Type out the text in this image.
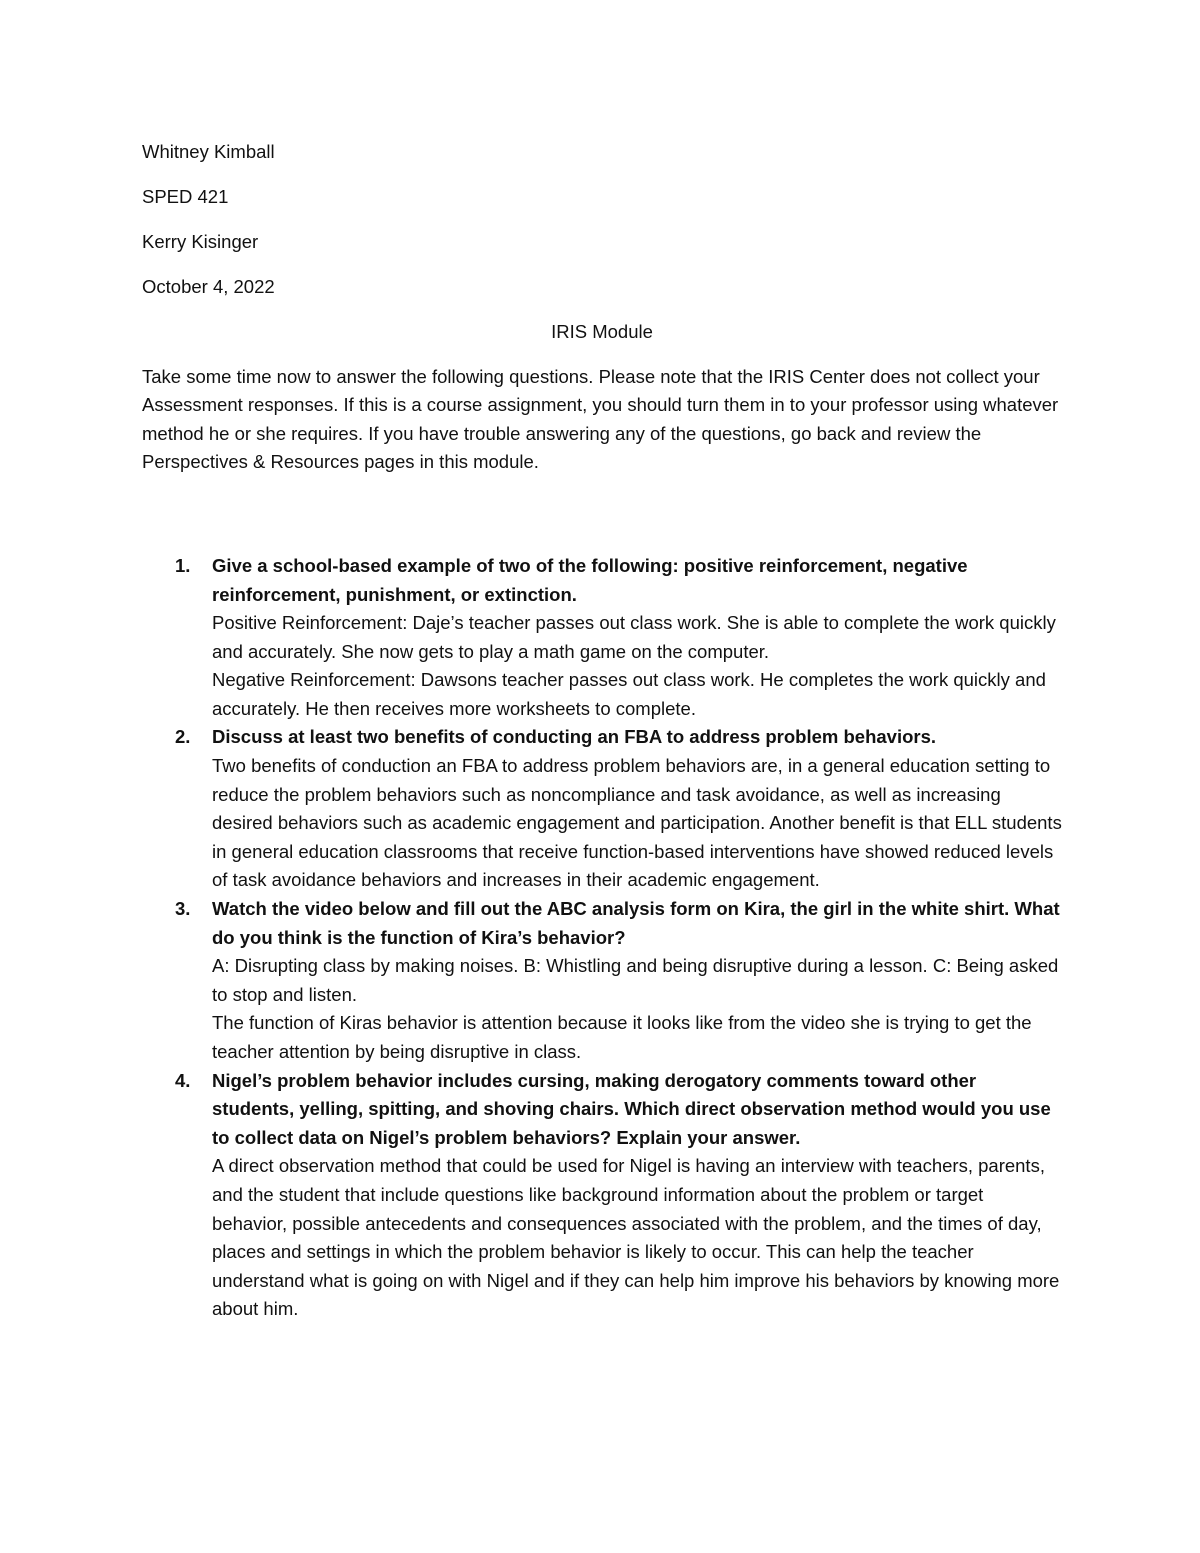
Whitney Kimball
SPED 421
Kerry Kisinger
October 4, 2022
IRIS Module
Take some time now to answer the following questions. Please note that the IRIS Center does not collect your Assessment responses. If this is a course assignment, you should turn them in to your professor using whatever method he or she requires. If you have trouble answering any of the questions, go back and review the Perspectives & Resources pages in this module.
1. Give a school-based example of two of the following: positive reinforcement, negative reinforcement, punishment, or extinction.
Positive Reinforcement: Daje’s teacher passes out class work. She is able to complete the work quickly and accurately. She now gets to play a math game on the computer.
Negative Reinforcement: Dawsons teacher passes out class work. He completes the work quickly and accurately. He then receives more worksheets to complete.
2. Discuss at least two benefits of conducting an FBA to address problem behaviors.
Two benefits of conduction an FBA to address problem behaviors are, in a general education setting to reduce the problem behaviors such as noncompliance and task avoidance, as well as increasing desired behaviors such as academic engagement and participation. Another benefit is that ELL students in general education classrooms that receive function-based interventions have showed reduced levels of task avoidance behaviors and increases in their academic engagement.
3. Watch the video below and fill out the ABC analysis form on Kira, the girl in the white shirt. What do you think is the function of Kira’s behavior?
A: Disrupting class by making noises. B: Whistling and being disruptive during a lesson. C: Being asked to stop and listen.
The function of Kiras behavior is attention because it looks like from the video she is trying to get the teacher attention by being disruptive in class.
4. Nigel’s problem behavior includes cursing, making derogatory comments toward other students, yelling, spitting, and shoving chairs. Which direct observation method would you use to collect data on Nigel’s problem behaviors? Explain your answer.
A direct observation method that could be used for Nigel is having an interview with teachers, parents, and the student that include questions like background information about the problem or target behavior, possible antecedents and consequences associated with the problem, and the times of day, places and settings in which the problem behavior is likely to occur. This can help the teacher understand what is going on with Nigel and if they can help him improve his behaviors by knowing more about him.
